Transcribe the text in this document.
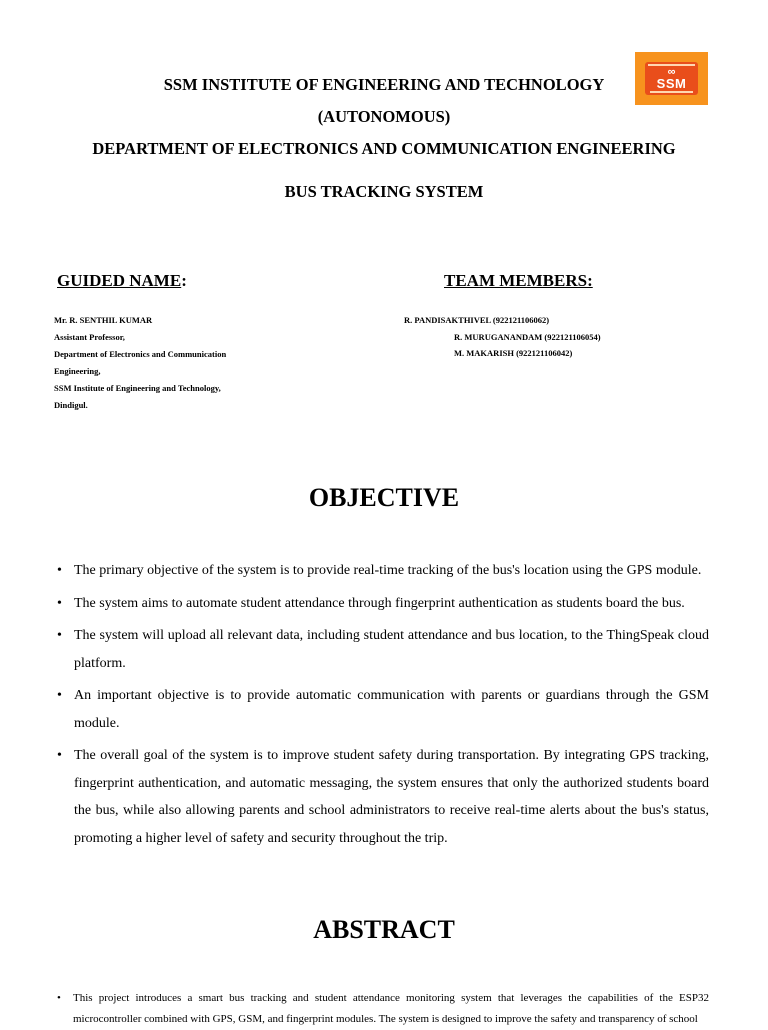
SSM INSTITUTE OF ENGINEERING AND TECHNOLOGY
(AUTONOMOUS)
DEPARTMENT OF ELECTRONICS AND COMMUNICATION ENGINEERING
BUS TRACKING SYSTEM
∞
SSM
GUIDED NAME:
Mr. R. SENTHIL KUMAR
Assistant Professor,
Department of Electronics and Communication
Engineering,
SSM Institute of Engineering and Technology,
Dindigul.
TEAM MEMBERS:
R. PANDISAKTHIVEL (922121106062)
R. MURUGANANDAM (922121106054)
M. MAKARISH (922121106042)
OBJECTIVE
• The primary objective of the system is to provide real-time tracking of the bus's location using the GPS module.
• The system aims to automate student attendance through fingerprint authentication as students board the bus.
• The system will upload all relevant data, including student attendance and bus location, to the ThingSpeak cloud platform.
• An important objective is to provide automatic communication with parents or guardians through the GSM module.
• The overall goal of the system is to improve student safety during transportation. By integrating GPS tracking, fingerprint authentication, and automatic messaging, the system ensures that only the authorized students board the bus, while also allowing parents and school administrators to receive real-time alerts about the bus's status, promoting a higher level of safety and security throughout the trip.
ABSTRACT
• This project introduces a smart bus tracking and student attendance monitoring system that leverages the capabilities of the ESP32 microcontroller combined with GPS, GSM, and fingerprint modules. The system is designed to improve the safety and transparency of school
